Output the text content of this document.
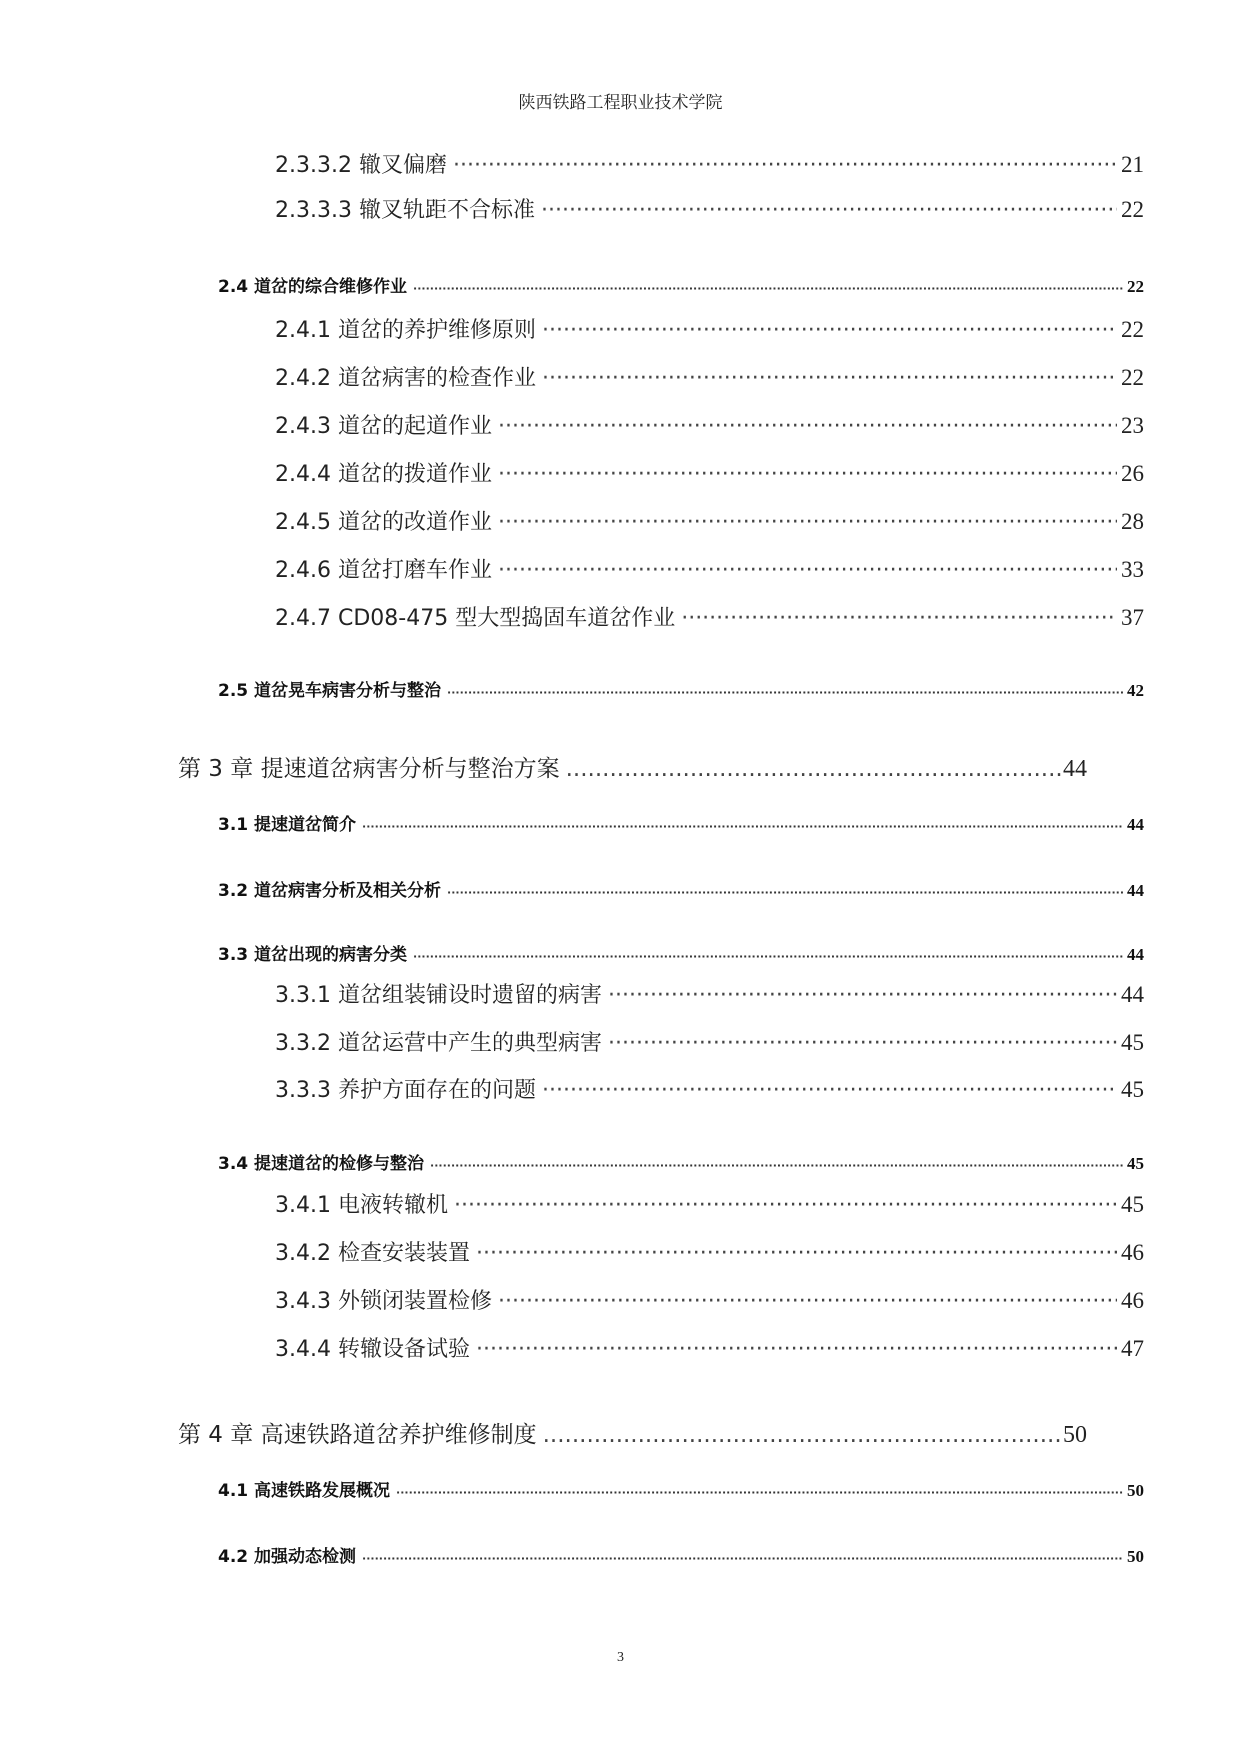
陕西铁路工程职业技术学院
2.3.3.2 辙叉偏磨 ·····	21
2.3.3.3 辙叉轨距不合标准 ·····	22
2.4 道岔的综合维修作业 ·····	22
2.4.1 道岔的养护维修原则 ·····	22
2.4.2 道岔病害的检查作业 ·····	22
2.4.3 道岔的起道作业 ·····	23
2.4.4 道岔的拨道作业 ·····	26
2.4.5 道岔的改道作业 ·····	28
2.4.6 道岔打磨车作业 ·····	33
2.4.7 CD08-475 型大型捣固车道岔作业 ·····	37
2.5 道岔晃车病害分析与整治 ·····	42
第 3 章 提速道岔病害分析与整治方案 .....	44
3.1 提速道岔简介 ·····	44
3.2 道岔病害分析及相关分析 ·····	44
3.3 道岔出现的病害分类 ·····	44
3.3.1 道岔组装铺设时遗留的病害 ·····	44
3.3.2 道岔运营中产生的典型病害 ·····	45
3.3.3 养护方面存在的问题 ·····	45
3.4 提速道岔的检修与整治 ·····	45
3.4.1 电液转辙机 ·····	45
3.4.2 检查安装装置 ·····	46
3.4.3 外锁闭装置检修 ·····	46
3.4.4 转辙设备试验 ·····	47
第 4 章 高速铁路道岔养护维修制度 .....	50
4.1 高速铁路发展概况 ·····	50
4.2 加强动态检测 ·····	50
3
